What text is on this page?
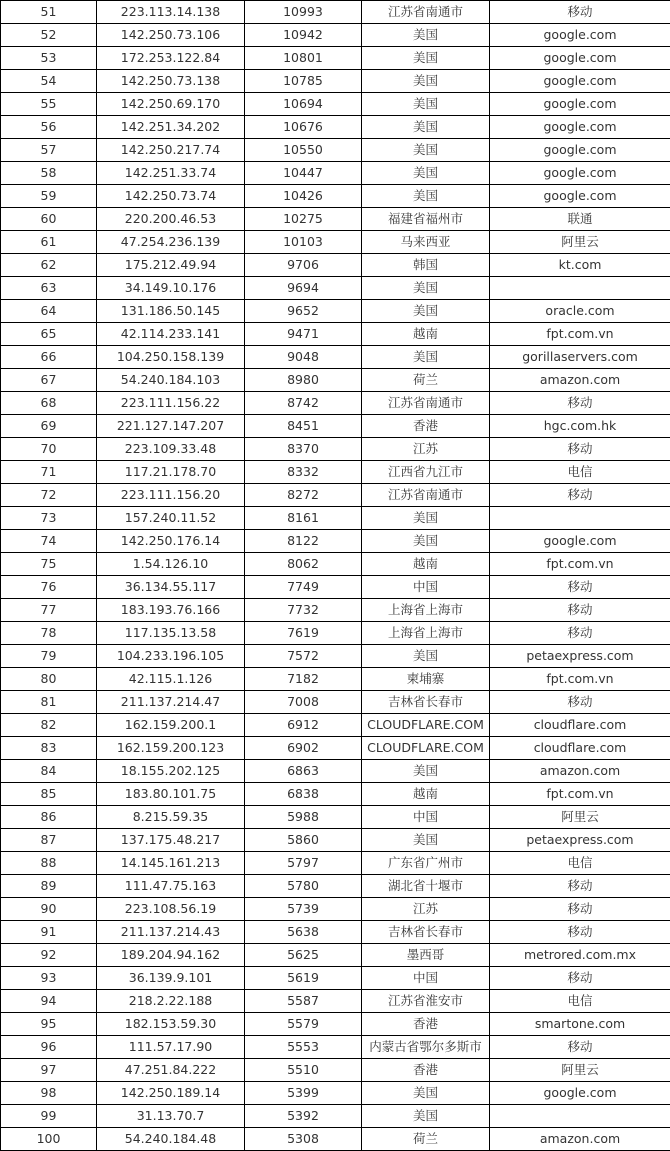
51	223.113.14.138	10993	江苏省南通市	移动
52	142.250.73.106	10942	美国	google.com
53	172.253.122.84	10801	美国	google.com
54	142.250.73.138	10785	美国	google.com
55	142.250.69.170	10694	美国	google.com
56	142.251.34.202	10676	美国	google.com
57	142.250.217.74	10550	美国	google.com
58	142.251.33.74	10447	美国	google.com
59	142.250.73.74	10426	美国	google.com
60	220.200.46.53	10275	福建省福州市	联通
61	47.254.236.139	10103	马来西亚	阿里云
62	175.212.49.94	9706	韩国	kt.com
63	34.149.10.176	9694	美国	
64	131.186.50.145	9652	美国	oracle.com
65	42.114.233.141	9471	越南	fpt.com.vn
66	104.250.158.139	9048	美国	gorillaservers.com
67	54.240.184.103	8980	荷兰	amazon.com
68	223.111.156.22	8742	江苏省南通市	移动
69	221.127.147.207	8451	香港	hgc.com.hk
70	223.109.33.48	8370	江苏	移动
71	117.21.178.70	8332	江西省九江市	电信
72	223.111.156.20	8272	江苏省南通市	移动
73	157.240.11.52	8161	美国	
74	142.250.176.14	8122	美国	google.com
75	1.54.126.10	8062	越南	fpt.com.vn
76	36.134.55.117	7749	中国	移动
77	183.193.76.166	7732	上海省上海市	移动
78	117.135.13.58	7619	上海省上海市	移动
79	104.233.196.105	7572	美国	petaexpress.com
80	42.115.1.126	7182	柬埔寨	fpt.com.vn
81	211.137.214.47	7008	吉林省长春市	移动
82	162.159.200.1	6912	CLOUDFLARE.COM	cloudflare.com
83	162.159.200.123	6902	CLOUDFLARE.COM	cloudflare.com
84	18.155.202.125	6863	美国	amazon.com
85	183.80.101.75	6838	越南	fpt.com.vn
86	8.215.59.35	5988	中国	阿里云
87	137.175.48.217	5860	美国	petaexpress.com
88	14.145.161.213	5797	广东省广州市	电信
89	111.47.75.163	5780	湖北省十堰市	移动
90	223.108.56.19	5739	江苏	移动
91	211.137.214.43	5638	吉林省长春市	移动
92	189.204.94.162	5625	墨西哥	metrored.com.mx
93	36.139.9.101	5619	中国	移动
94	218.2.22.188	5587	江苏省淮安市	电信
95	182.153.59.30	5579	香港	smartone.com
96	111.57.17.90	5553	内蒙古省鄂尔多斯市	移动
97	47.251.84.222	5510	香港	阿里云
98	142.250.189.14	5399	美国	google.com
99	31.13.70.7	5392	美国	
100	54.240.184.48	5308	荷兰	amazon.com
